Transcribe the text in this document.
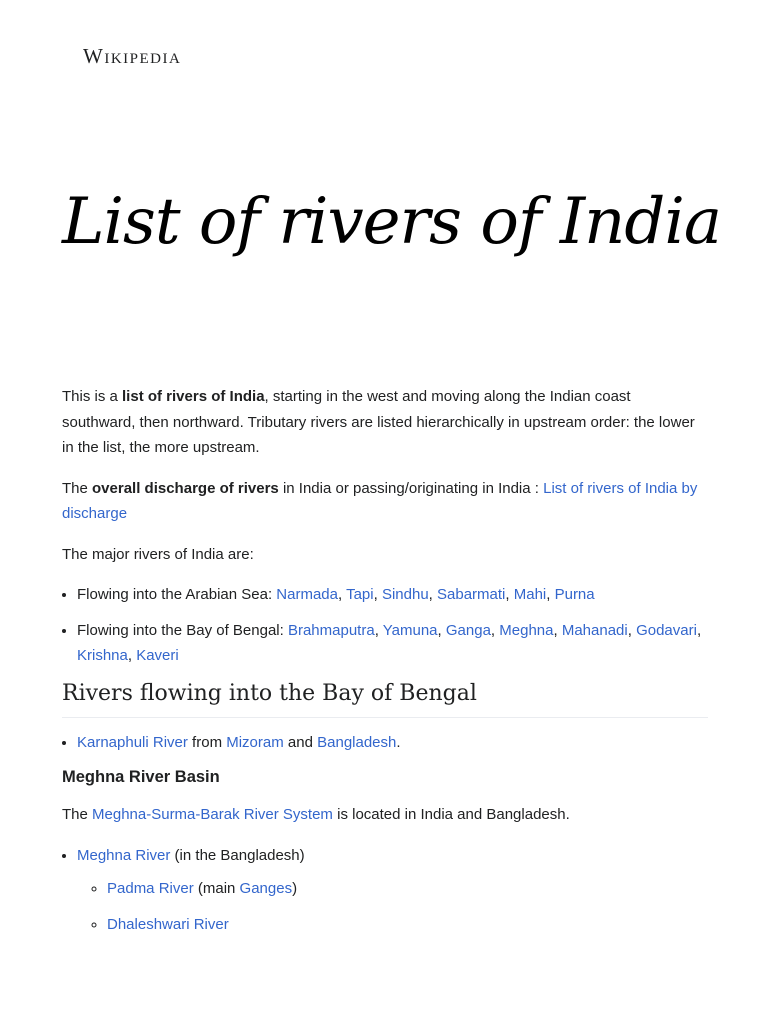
Wikipedia
List of rivers of India

This is a list of rivers of India, starting in the west and moving along the Indian coast southward, then northward. Tributary rivers are listed hierarchically in upstream order: the lower in the list, the more upstream.

The overall discharge of rivers in India or passing/originating in India : List of rivers of India by discharge

The major rivers of India are:

• Flowing into the Arabian Sea: Narmada, Tapi, Sindhu, Sabarmati, Mahi, Purna
• Flowing into the Bay of Bengal: Brahmaputra, Yamuna, Ganga, Meghna, Mahanadi, Godavari, Krishna, Kaveri
Rivers flowing into the Bay of Bengal
• Karnaphuli River from Mizoram and Bangladesh.
Meghna River Basin

The Meghna-Surma-Barak River System is located in India and Bangladesh.

• Meghna River (in the Bangladesh)
◦ Padma River (main Ganges)
◦ Dhaleshwari River
